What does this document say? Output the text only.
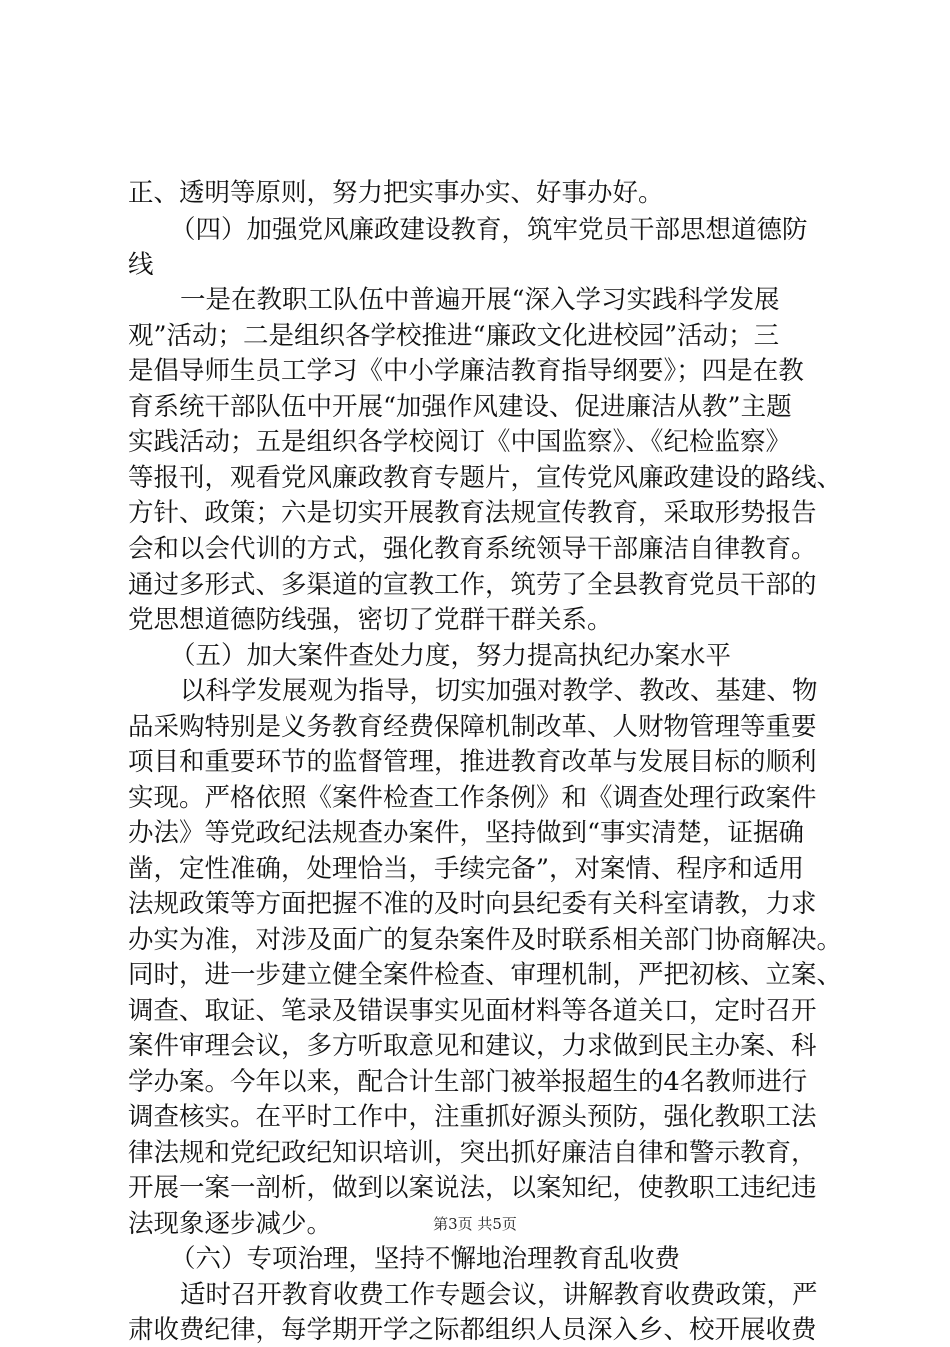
正、透明等原则，努力把实事办实、好事办好。
（四）加强党风廉政建设教育，筑牢党员干部思想道德防
线
一是在教职工队伍中普遍开展“深入学习实践科学发展
观”活动；二是组织各学校推进“廉政文化进校园”活动；三
是倡导师生员工学习《中小学廉洁教育指导纲要》；四是在教
育系统干部队伍中开展“加强作风建设、促进廉洁从教”主题
实践活动；五是组织各学校阅订《中国监察》、《纪检监察》
等报刊，观看党风廉政教育专题片，宣传党风廉政建设的路线、
方针、政策；六是切实开展教育法规宣传教育，采取形势报告
会和以会代训的方式，强化教育系统领导干部廉洁自律教育。
通过多形式、多渠道的宣教工作，筑劳了全县教育党员干部的
党思想道德防线强，密切了党群干群关系。
（五）加大案件查处力度，努力提高执纪办案水平
以科学发展观为指导，切实加强对教学、教改、基建、物
品采购特别是义务教育经费保障机制改革、人财物管理等重要
项目和重要环节的监督管理，推进教育改革与发展目标的顺利
实现。严格依照《案件检查工作条例》和《调查处理行政案件
办法》等党政纪法规查办案件，坚持做到“事实清楚，证据确
凿，定性准确，处理恰当，手续完备”，对案情、程序和适用
法规政策等方面把握不准的及时向县纪委有关科室请教，力求
办实为准，对涉及面广的复杂案件及时联系相关部门协商解决。
同时，进一步建立健全案件检查、审理机制，严把初核、立案、
调查、取证、笔录及错误事实见面材料等各道关口，定时召开
案件审理会议，多方听取意见和建议，力求做到民主办案、科
学办案。今年以来，配合计生部门被举报超生的4名教师进行
调查核实。在平时工作中，注重抓好源头预防，强化教职工法
律法规和党纪政纪知识培训，突出抓好廉洁自律和警示教育，
开展一案一剖析，做到以案说法，以案知纪，使教职工违纪违
法现象逐步减少。
（六）专项治理，坚持不懈地治理教育乱收费
适时召开教育收费工作专题会议，讲解教育收费政策，严
肃收费纪律，每学期开学之际都组织人员深入乡、校开展收费
第3页 共5页
